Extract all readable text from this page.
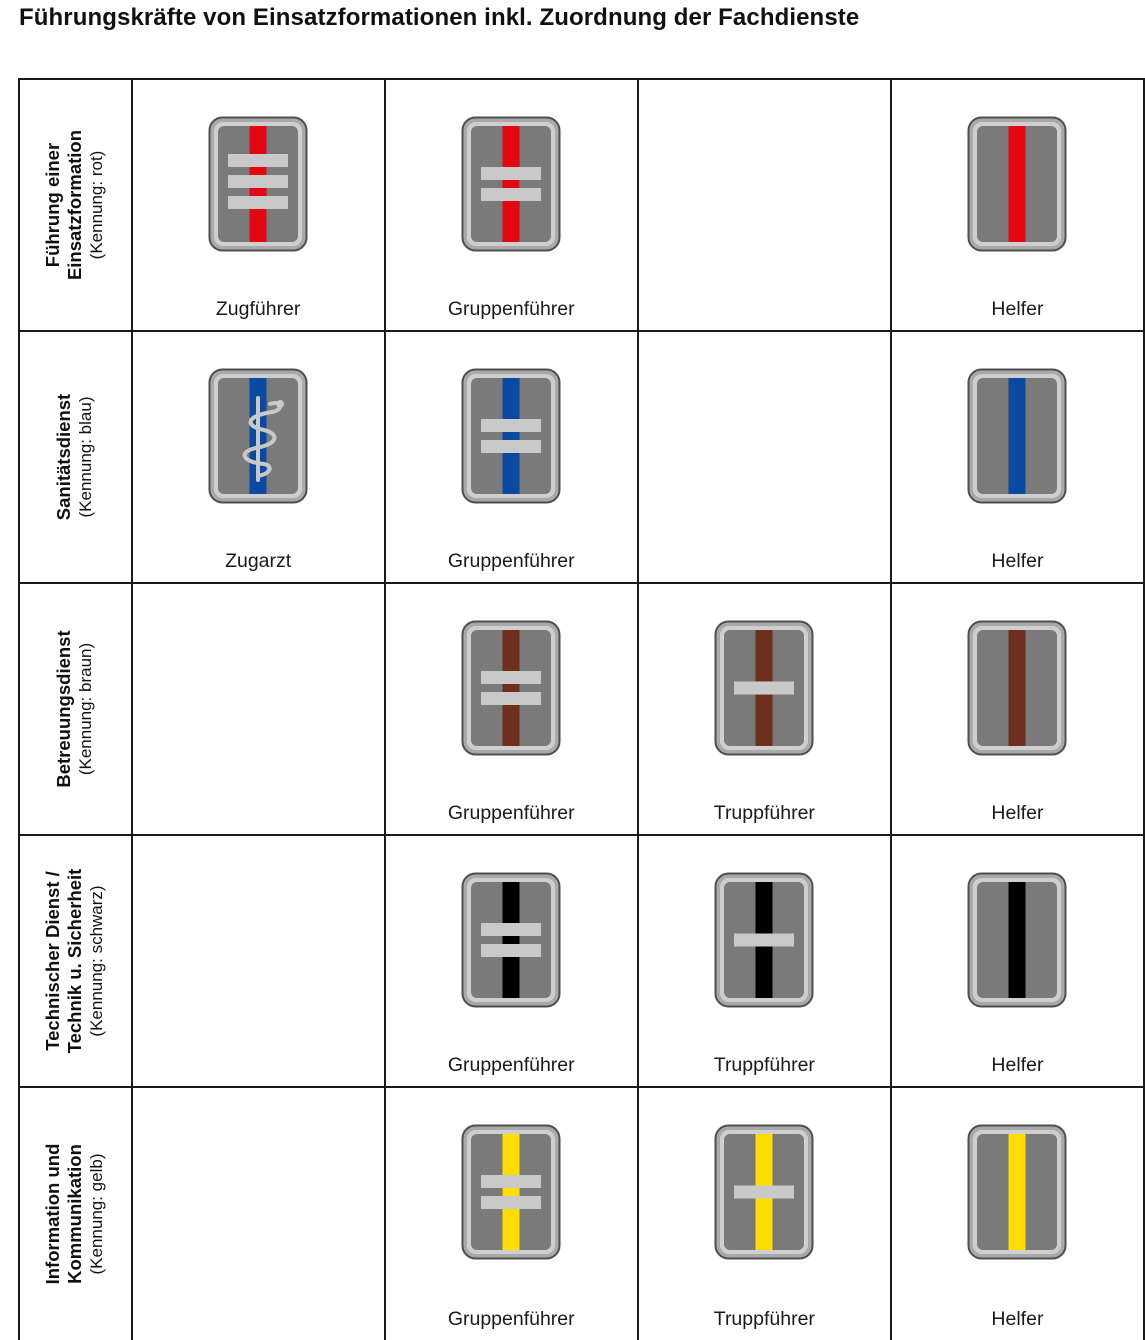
Führungskräfte von Einsatzformationen inkl. Zuordnung der Fachdienste
Führung einer Einsatzformation (Kennung: rot)	Zugführer	Gruppenführer		Helfer

Sanitätsdienst (Kennung: blau)	Zugarzt	Gruppenführer		Helfer

Betreuungsdienst (Kennung: braun)		Gruppenführer	Truppführer	Helfer

Technischer Dienst / Technik u. Sicherheit (Kennung: schwarz)		Gruppenführer	Truppführer	Helfer

Information und Kommunikation (Kennung: gelb)		Gruppenführer	Truppführer	Helfer
